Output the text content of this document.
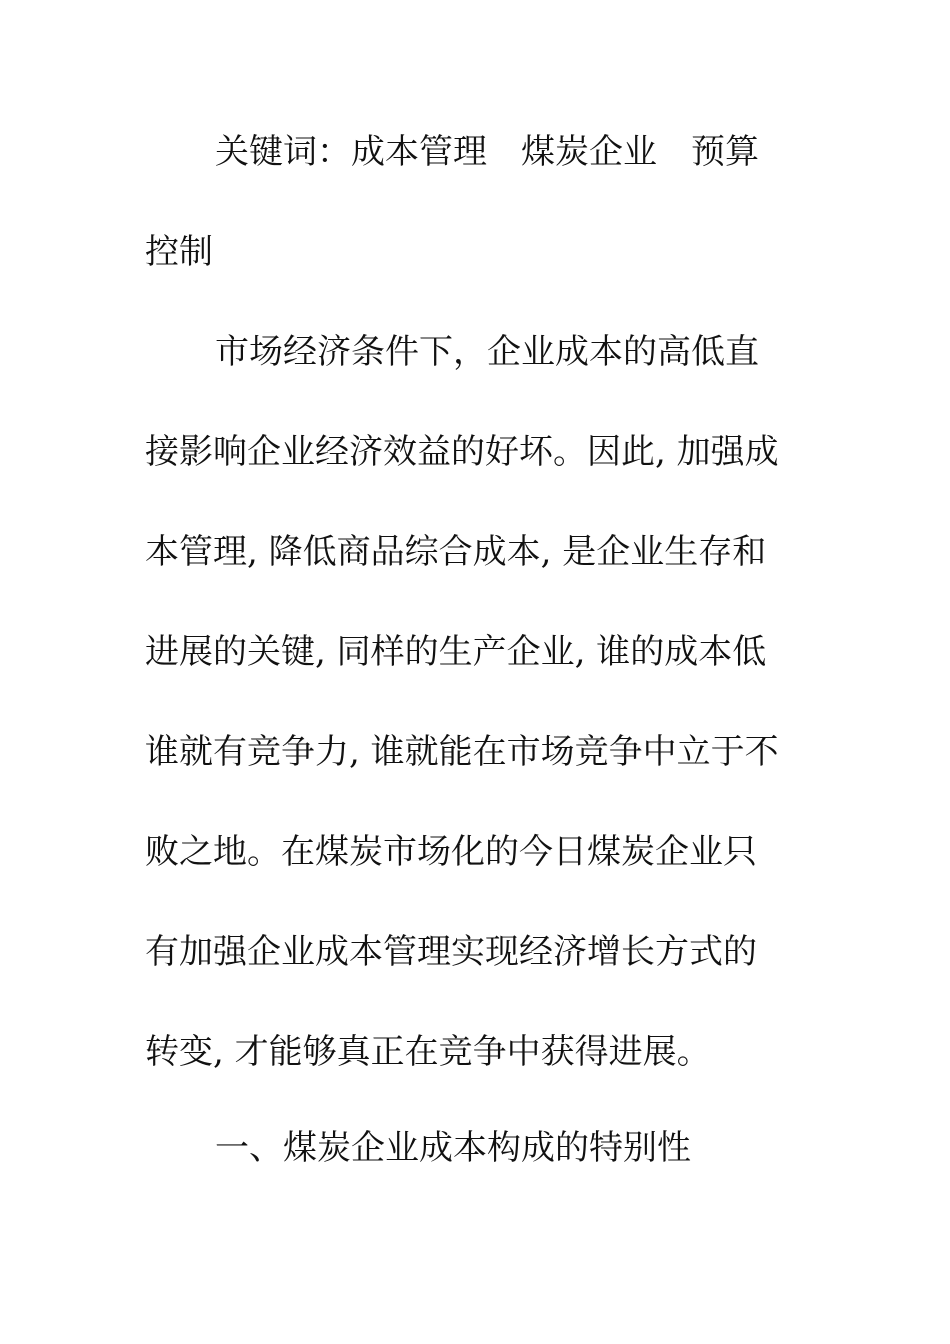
关键词：成本管理 煤炭企业 预算
控制
市场经济条件下，企业成本的高低直
接影响企业经济效益的好坏。因此, 加强成
本管理, 降低商品综合成本, 是企业生存和
进展的关键, 同样的生产企业, 谁的成本低
谁就有竞争力, 谁就能在市场竞争中立于不
败之地。在煤炭市场化的今日煤炭企业只
有加强企业成本管理实现经济增长方式的
转变, 才能够真正在竞争中获得进展。
一、煤炭企业成本构成的特别性
